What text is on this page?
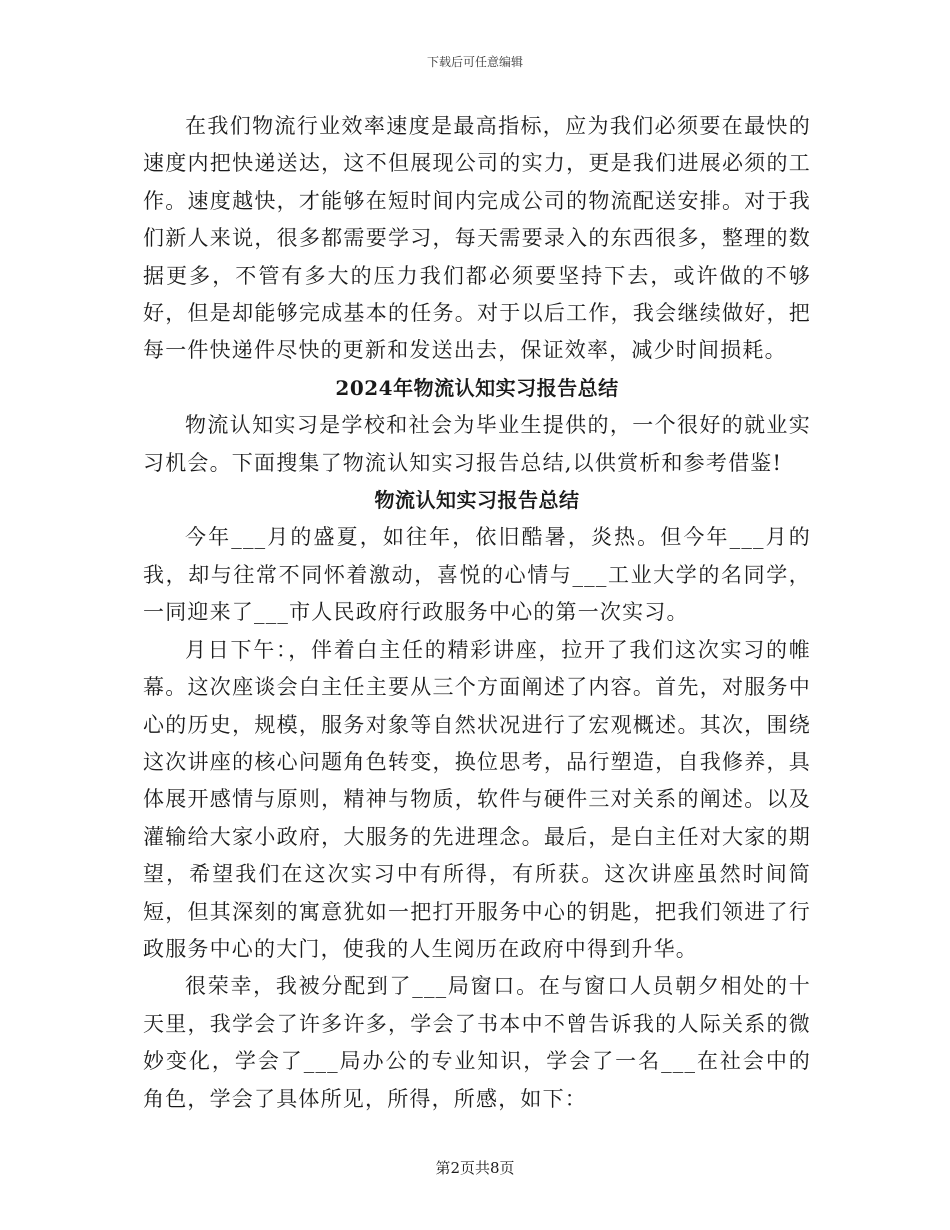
下载后可任意编辑

在我们物流行业效率速度是最高指标，应为我们必须要在最快的速度内把快递送达，这不但展现公司的实力，更是我们进展必须的工作。速度越快，才能够在短时间内完成公司的物流配送安排。对于我们新人来说，很多都需要学习，每天需要录入的东西很多，整理的数据更多，不管有多大的压力我们都必须要坚持下去，或许做的不够好，但是却能够完成基本的任务。对于以后工作，我会继续做好，把每一件快递件尽快的更新和发送出去，保证效率，减少时间损耗。

2024年物流认知实习报告总结

物流认知实习是学校和社会为毕业生提供的，一个很好的就业实习机会。下面搜集了物流认知实习报告总结,以供赏析和参考借鉴!

物流认知实习报告总结

今年___月的盛夏，如往年，依旧酷暑，炎热。但今年___月的我，却与往常不同怀着激动，喜悦的心情与___工业大学的名同学，一同迎来了___市人民政府行政服务中心的第一次实习。

月日下午：，伴着白主任的精彩讲座，拉开了我们这次实习的帷幕。这次座谈会白主任主要从三个方面阐述了内容。首先，对服务中心的历史，规模，服务对象等自然状况进行了宏观概述。其次，围绕这次讲座的核心问题角色转变，换位思考，品行塑造，自我修养，具体展开感情与原则，精神与物质，软件与硬件三对关系的阐述。以及灌输给大家小政府，大服务的先进理念。最后，是白主任对大家的期望，希望我们在这次实习中有所得，有所获。这次讲座虽然时间简短，但其深刻的寓意犹如一把打开服务中心的钥匙，把我们领进了行政服务中心的大门，使我的人生阅历在政府中得到升华。

很荣幸，我被分配到了___局窗口。在与窗口人员朝夕相处的十天里，我学会了许多许多，学会了书本中不曾告诉我的人际关系的微妙变化，学会了___局办公的专业知识，学会了一名___在社会中的角色，学会了具体所见，所得，所感，如下：

第2页共8页
